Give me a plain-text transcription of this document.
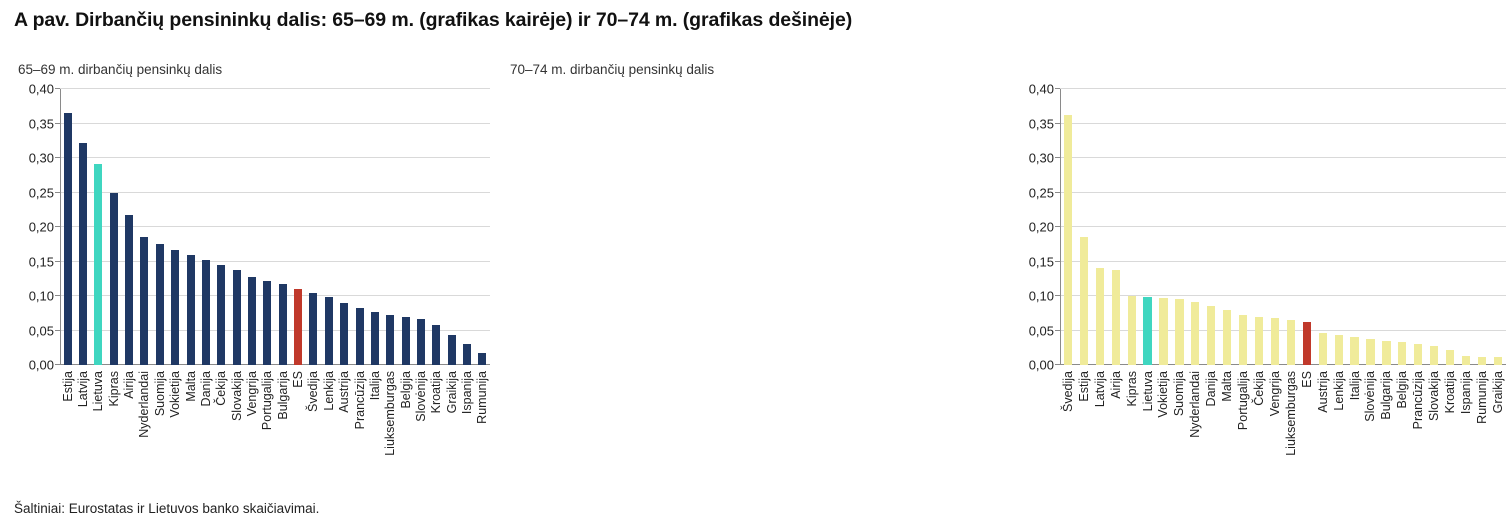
A pav. Dirbančių pensininkų dalis: 65–69 m. (grafikas kairėje) ir 70–74 m. (grafikas dešinėje)
65–69 m. dirbančių pensinkų dalis
0,00
0,05
0,10
0,15
0,20
0,25
0,30
0,35
0,40
Estija Latvija Lietuva Kipras Airija Nyderlandai Suomija Vokietija Malta Danija Čekija Slovakija Vengrija Portugalija Bulgarija ES Švedija Lenkija Austrija Prancūzija Italija Liuksemburgas Belgija Slovėnija Kroatija Graikija Ispanija Rumunija
70–74 m. dirbančių pensinkų dalis
0,00
0,05
0,10
0,15
0,20
0,25
0,30
0,35
0,40
Švedija Estija Latvija Airija Kipras Lietuva Vokietija Suomija Nyderlandai Danija Malta Portugalija Čekija Vengrija Liuksemburgas ES Austrija Lenkija Italija Slovėnija Bulgarija Belgija Prancūzija Slovakija Kroatija Ispanija Rumunija Graikija
Šaltiniai: Eurostatas ir Lietuvos banko skaičiavimai.
